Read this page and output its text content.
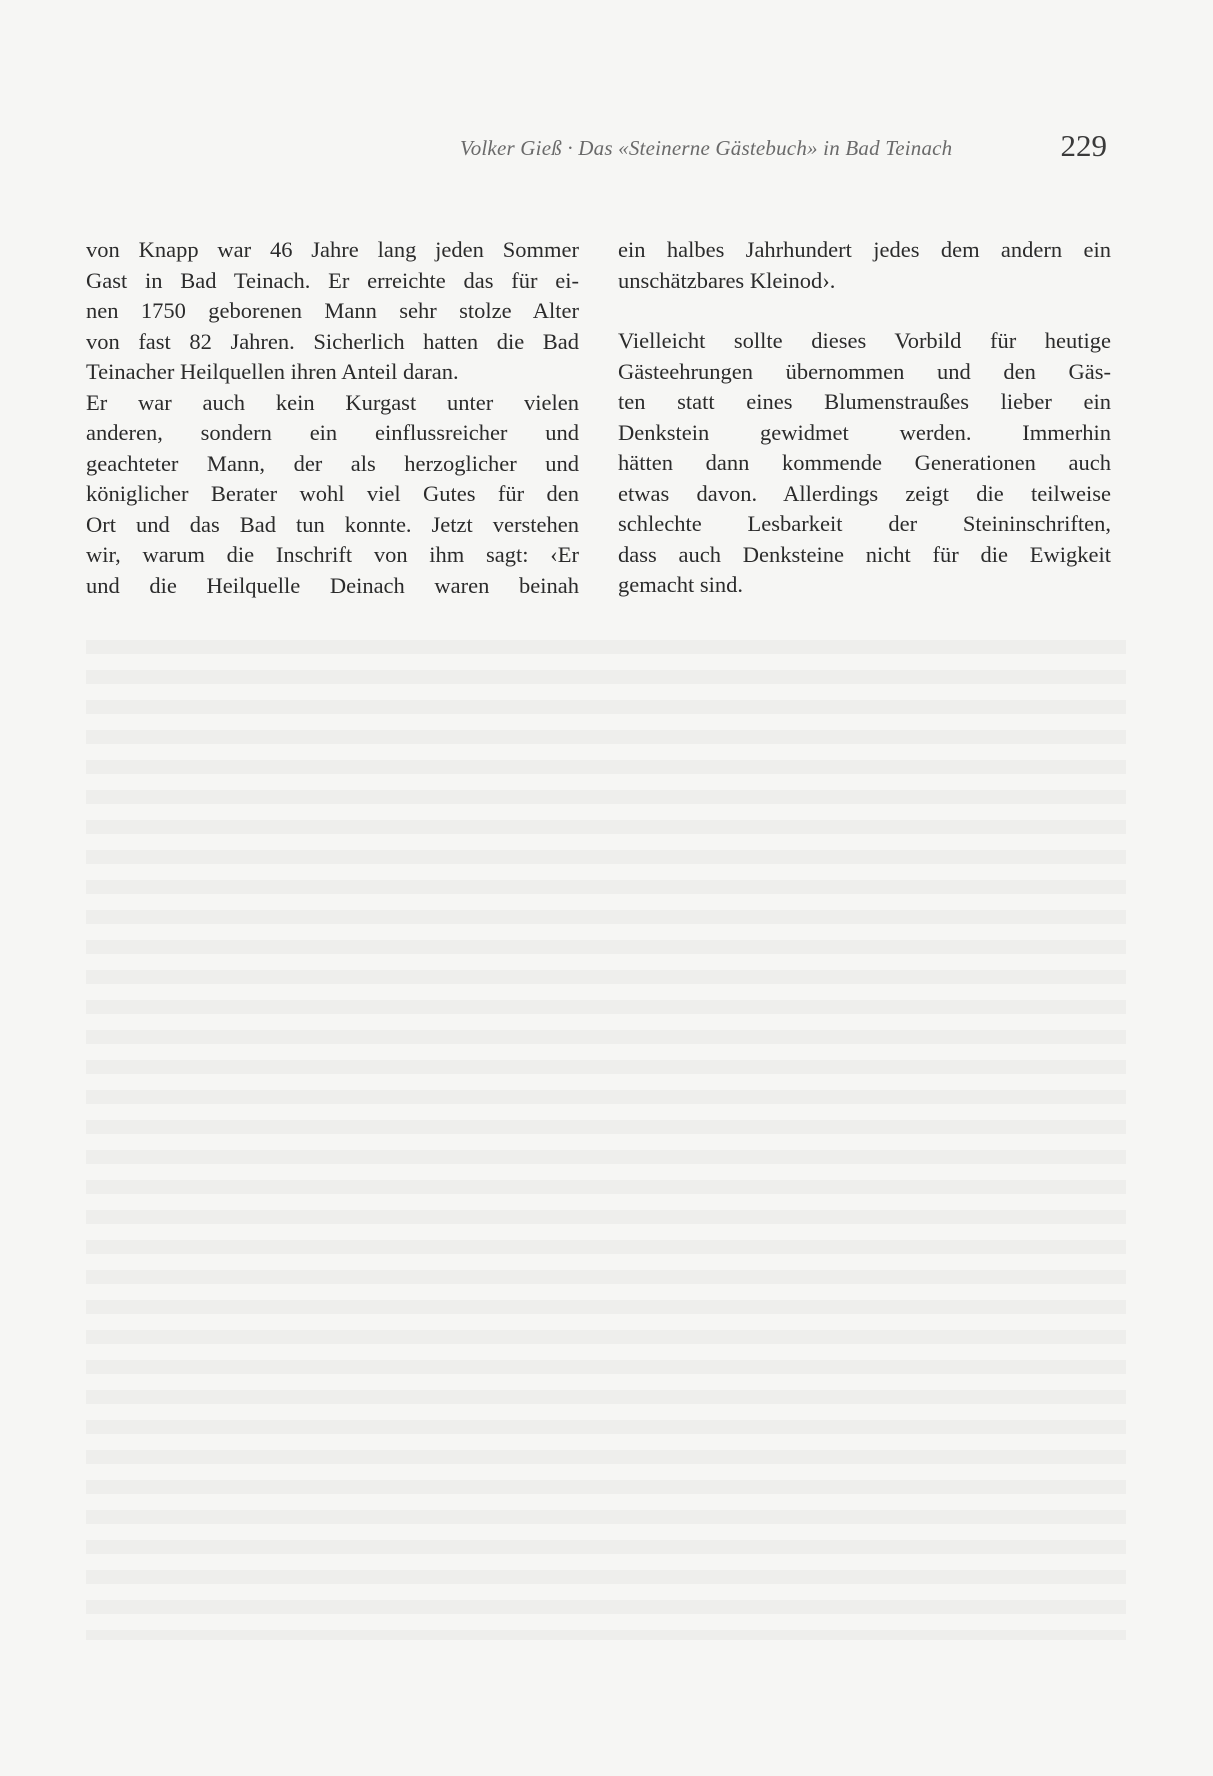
Volker Gieß · Das «Steinerne Gästebuch» in Bad Teinach	229
von Knapp war 46 Jahre lang jeden Sommer
Gast in Bad Teinach. Er erreichte das für ei-
nen 1750 geborenen Mann sehr stolze Alter
von fast 82 Jahren. Sicherlich hatten die Bad
Teinacher Heilquellen ihren Anteil daran.
Er war auch kein Kurgast unter vielen
anderen, sondern ein einflussreicher und
geachteter Mann, der als herzoglicher und
königlicher Berater wohl viel Gutes für den
Ort und das Bad tun konnte. Jetzt verstehen
wir, warum die Inschrift von ihm sagt: ‹Er
und die Heilquelle Deinach waren beinah
ein halbes Jahrhundert jedes dem andern ein
unschätzbares Kleinod›.
Vielleicht sollte dieses Vorbild für heutige
Gästeehrungen übernommen und den Gäs-
ten statt eines Blumenstraußes lieber ein
Denkstein gewidmet werden. Immerhin
hätten dann kommende Generationen auch
etwas davon. Allerdings zeigt die teilweise
schlechte Lesbarkeit der Steininschriften,
dass auch Denksteine nicht für die Ewigkeit
gemacht sind.
